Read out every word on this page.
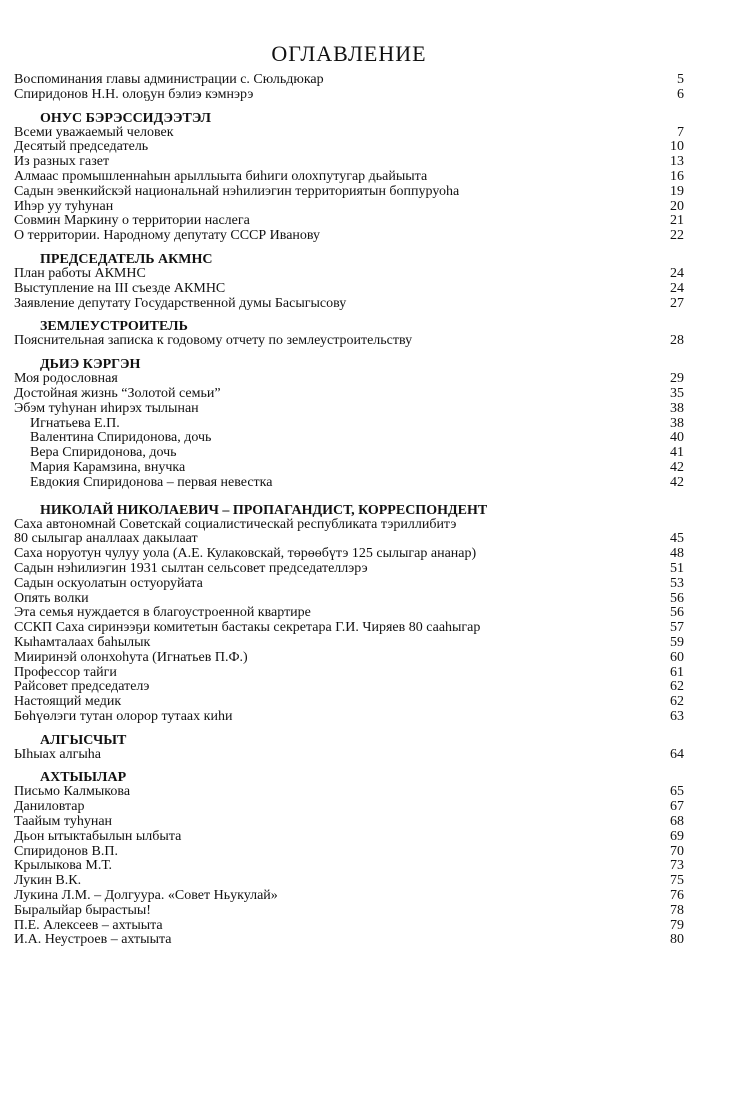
ОГЛАВЛЕНИЕ
Воспоминания главы администрации с. Сюльдюкар	5
Спиридонов Н.Н. олоҕун бэлиэ кэмнэрэ	6
ОНУС БЭРЭССИДЭЭТЭЛ
Всеми уважаемый человек	7
Десятый председатель	10
Из разных газет	13
Алмаас промышленнаһын арыллыыта биһиги олохпутугар дьайыыта	16
Садын эвенкийскэй национальнай нэһилиэгин территориятын боппуруоһа	19
Иһэр уу туһунан	20
Совмин Маркину о территории наслега	21
О территории. Народному депутату СССР Иванову	22
ПРЕДСЕДАТЕЛЬ АКМНС
План работы АКМНС	24
Выступление на III съезде АКМНС	24
Заявление депутату Государственной думы Басыгысову	27
ЗЕМЛЕУСТРОИТЕЛЬ
Пояснительная записка к годовому отчету по землеустроительству	28
ДЬИЭ КЭРГЭН
Моя родословная	29
Достойная жизнь “Золотой семьи”	35
Эбэм туһунан иһирэх тылынан	38
Игнатьева Е.П.	38
Валентина Спиридонова, дочь	40
Вера Спиридонова, дочь	41
Мария Карамзина, внучка	42
Евдокия Спиридонова – первая невестка	42
НИКОЛАЙ НИКОЛАЕВИЧ – ПРОПАГАНДИСТ, КОРРЕСПОНДЕНТ
Саха автономнай Советскай социалистическай республиката тэриллибитэ
80 сылыгар аналлаах дакылаат	45
Саха норуотун чулуу уола (А.Е. Кулаковскай, төрөөбүтэ 125 сылыгар ананар)	48
Садын нэһилиэгин 1931 сылтан сельсовет председателлэрэ	51
Садын оскуолатын остуоруйата	53
Опять волки	56
Эта семья нуждается в благоустроенной квартире	56
ССКП Саха сиринээҕи комитетын бастакы секретара Г.И. Чиряев 80 сааһыгар	57
Кыһамталаах баһылык	59
Мииринэй олонхоһута (Игнатьев П.Ф.)	60
Профессор тайги	61
Райсовет председателэ	62
Настоящий медик	62
Бөһүөлэги тутан олорор тутаах киһи	63
АЛГЫСЧЫТ
Ыһыах алгыһа	64
АХТЫЫЛАР
Письмо Калмыкова	65
Даниловтар	67
Таайым туһунан	68
Дьон ытыктабылын ылбыта	69
Спиридонов В.П.	70
Крылыкова М.Т.	73
Лукин В.К.	75
Лукина Л.М. – Долгуура. «Совет Ньукулай»	76
Быралыйар бырастыы!	78
П.Е. Алексеев – ахтыыта	79
И.А. Неустроев – ахтыыта	80
